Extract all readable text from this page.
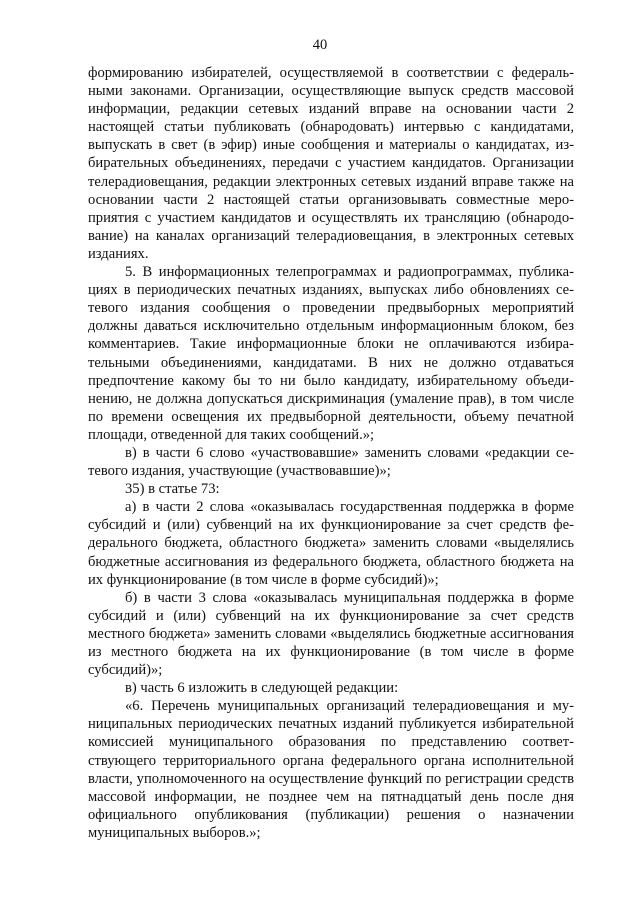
40

формированию избирателей, осуществляемой в соответствии с федеральными законами. Организации, осуществляющие выпуск средств массовой информации, редакции сетевых изданий вправе на основании части 2 настоящей статьи публиковать (обнародовать) интервью с кандидатами, выпускать в свет (в эфир) иные сообщения и материалы о кандидатах, избирательных объединениях, передачи с участием кандидатов. Организации телерадиовещания, редакции электронных сетевых изданий вправе также на основании части 2 настоящей статьи организовывать совместные мероприятия с участием кандидатов и осуществлять их трансляцию (обнародование) на каналах организаций телерадиовещания, в электронных сетевых изданиях.

5. В информационных телепрограммах и радиопрограммах, публикациях в периодических печатных изданиях, выпусках либо обновлениях сетевого издания сообщения о проведении предвыборных мероприятий должны даваться исключительно отдельным информационным блоком, без комментариев. Такие информационные блоки не оплачиваются избирательными объединениями, кандидатами. В них не должно отдаваться предпочтение какому бы то ни было кандидату, избирательному объединению, не должна допускаться дискриминация (умаление прав), в том числе по времени освещения их предвыборной деятельности, объему печатной площади, отведенной для таких сообщений.»;

в) в части 6 слово «участвовавшие» заменить словами «редакции сетевого издания, участвующие (участвовавшие)»;

35) в статье 73:

а) в части 2 слова «оказывалась государственная поддержка в форме субсидий и (или) субвенций на их функционирование за счет средств федерального бюджета, областного бюджета» заменить словами «выделялись бюджетные ассигнования из федерального бюджета, областного бюджета на их функционирование (в том числе в форме субсидий)»;

б) в части 3 слова «оказывалась муниципальная поддержка в форме субсидий и (или) субвенций на их функционирование за счет средств местного бюджета» заменить словами «выделялись бюджетные ассигнования из местного бюджета на их функционирование (в том числе в форме субсидий)»;

в) часть 6 изложить в следующей редакции:

«6. Перечень муниципальных организаций телерадиовещания и муниципальных периодических печатных изданий публикуется избирательной комиссией муниципального образования по представлению соответствующего территориального органа федерального органа исполнительной власти, уполномоченного на осуществление функций по регистрации средств массовой информации, не позднее чем на пятнадцатый день после дня официального опубликования (публикации) решения о назначении муниципальных выборов.»;
